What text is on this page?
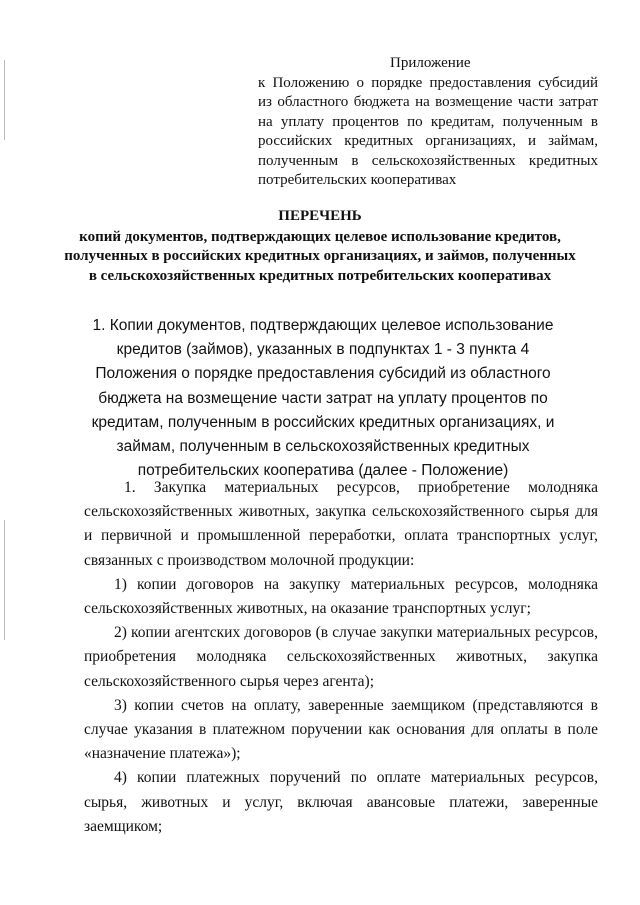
Приложение
к Положению о порядке предоставления субсидий из областного бюджета на возмещение части затрат на уплату процентов по кредитам, полученным в российских кредитных организациях, и займам, полученным в сельскохозяйственных кредитных потребительских кооперативах
ПЕРЕЧЕНЬ
копий документов, подтверждающих целевое использование кредитов, полученных в российских кредитных организациях, и займов, полученных в сельскохозяйственных кредитных потребительских кооперативах
1. Копии документов, подтверждающих целевое использование кредитов (займов), указанных в подпунктах 1 - 3 пункта 4 Положения о порядке предоставления субсидий из областного бюджета на возмещение части затрат на уплату процентов по кредитам, полученным в российских кредитных организациях, и займам, полученным в сельскохозяйственных кредитных потребительских кооператива (далее - Положение)

1. Закупка материальных ресурсов, приобретение молодняка сельскохозяйственных животных, закупка сельскохозяйственного сырья для и первичной и промышленной переработки, оплата транспортных услуг, связанных с производством молочной продукции:

1) копии договоров на закупку материальных ресурсов, молодняка сельскохозяйственных животных, на оказание транспортных услуг;

2) копии агентских договоров (в случае закупки материальных ресурсов, приобретения молодняка сельскохозяйственных животных, закупка сельскохозяйственного сырья через агента);

3) копии счетов на оплату, заверенные заемщиком (представляются в случае указания в платежном поручении как основания для оплаты в поле «назначение платежа»);

4) копии платежных поручений по оплате материальных ресурсов, сырья, животных и услуг, включая авансовые платежи, заверенные заемщиком;
